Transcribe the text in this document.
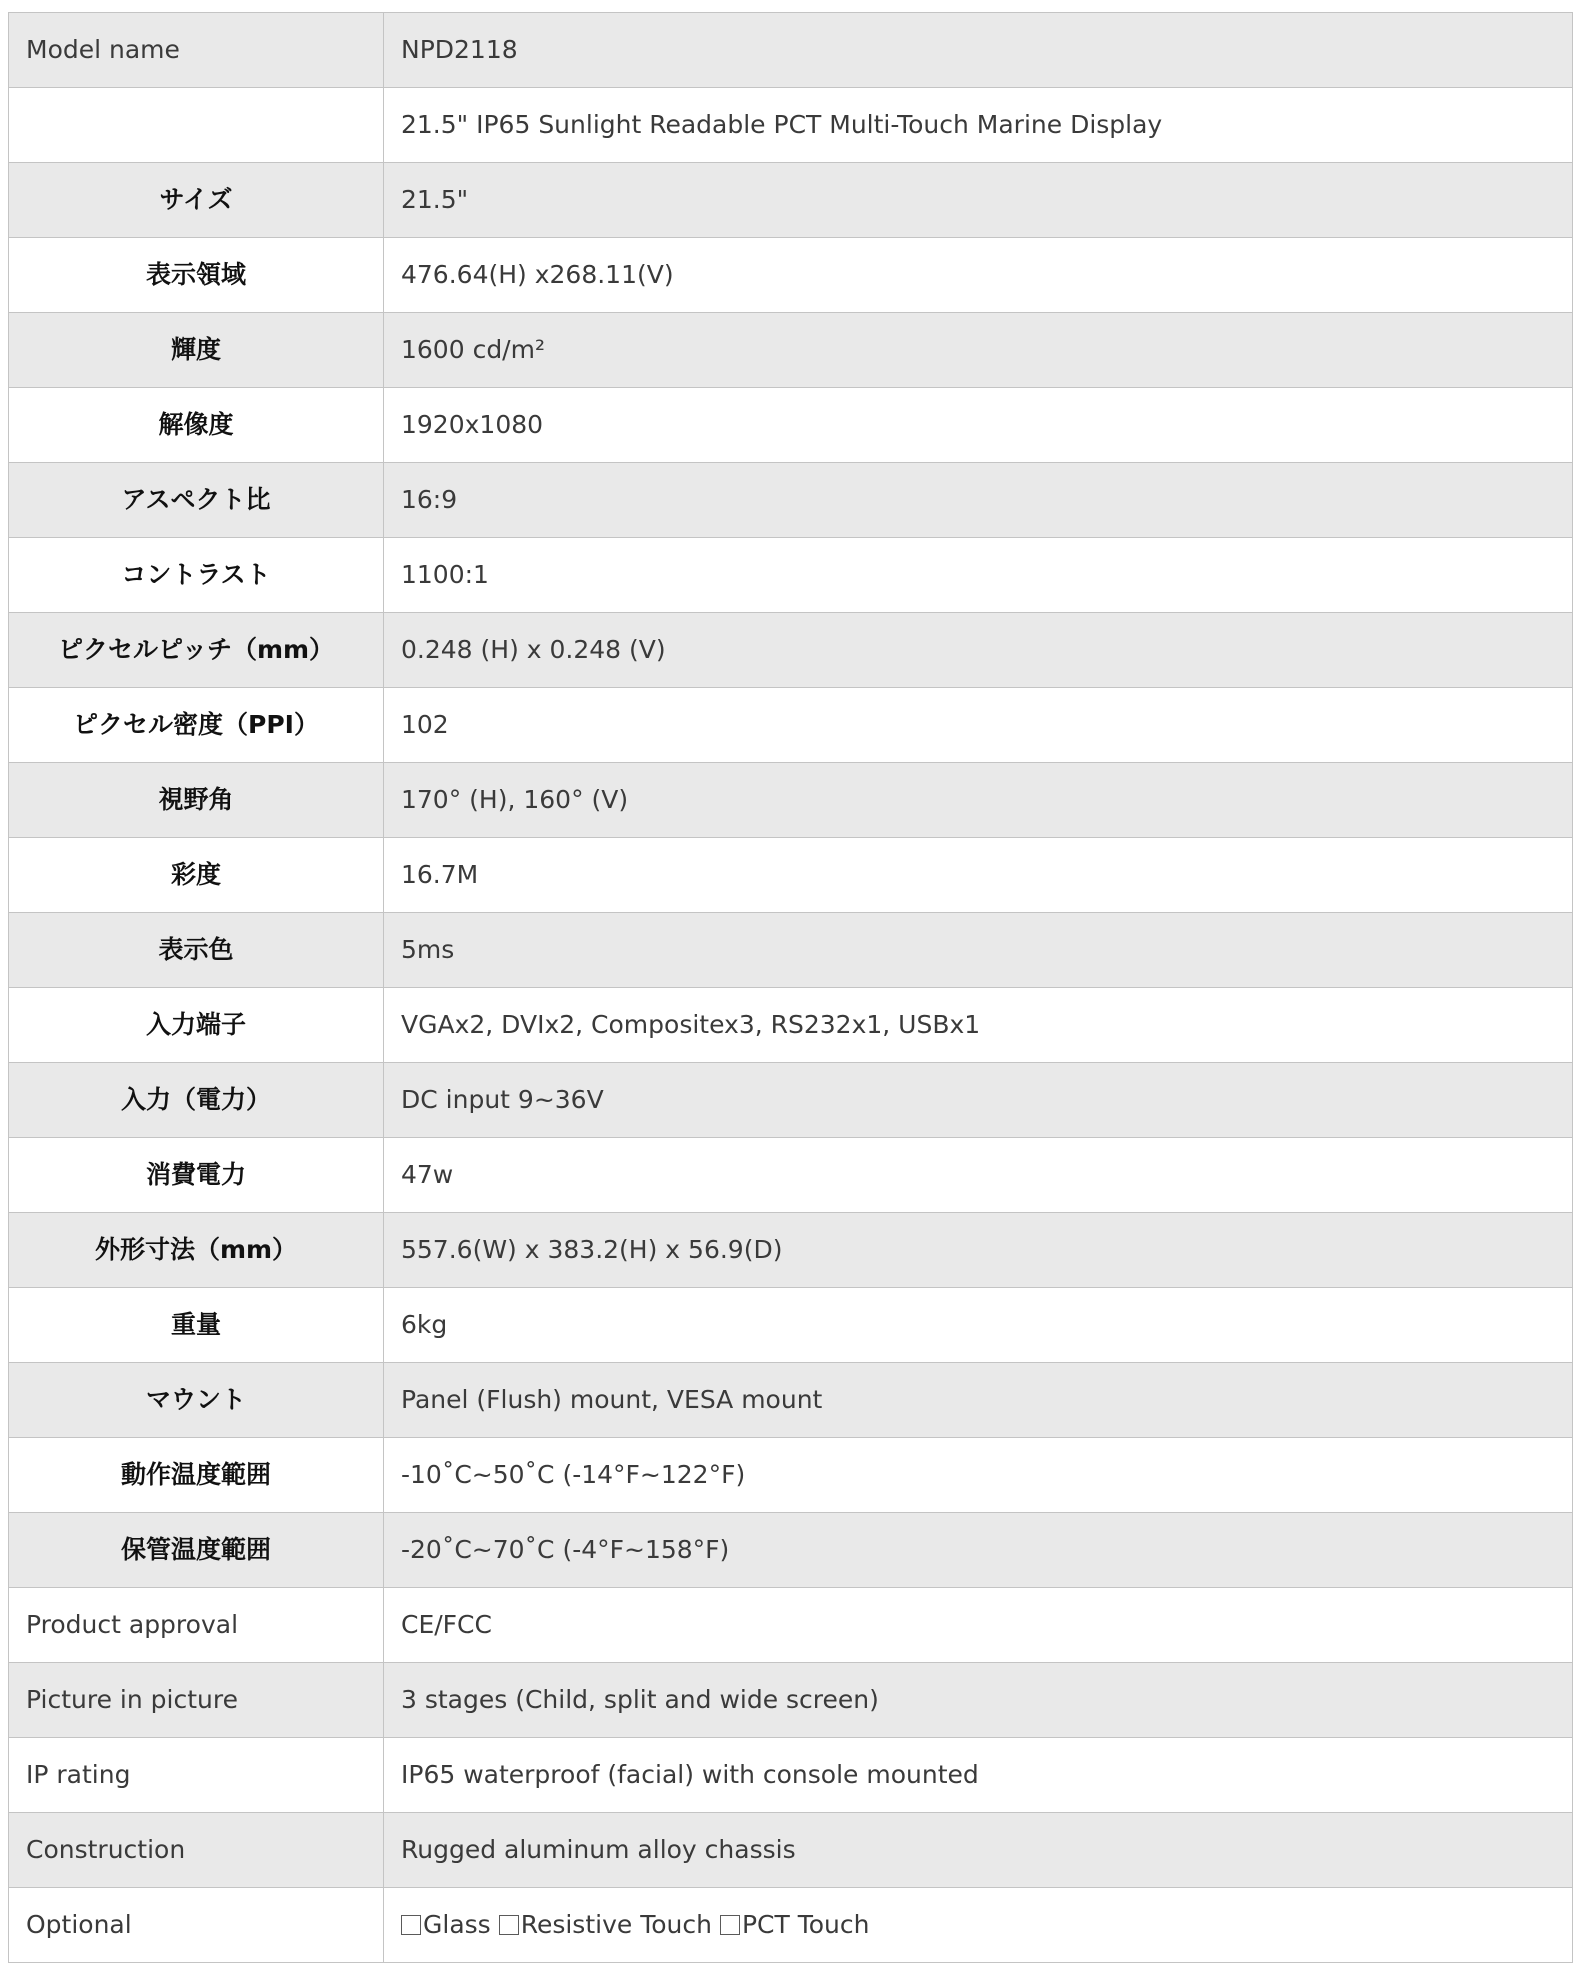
Model name	NPD2118
	21.5" IP65 Sunlight Readable PCT Multi-Touch Marine Display
サイズ	21.5"
表示領域	476.64(H) x268.11(V)
輝度	1600 cd/m²
解像度	1920x1080
アスペクト比	16:9
コントラスト	1100:1
ピクセルピッチ（mm）	0.248 (H) x 0.248 (V)
ピクセル密度（PPI）	102
視野角	170° (H), 160° (V)
彩度	16.7M
表示色	5ms
入力端子	VGAx2, DVIx2, Compositex3, RS232x1, USBx1
入力（電力）	DC input 9~36V
消費電力	47w
外形寸法（mm）	557.6(W) x 383.2(H) x 56.9(D)
重量	6kg
マウント	Panel (Flush) mount, VESA mount
動作温度範囲	-10˚C~50˚C (-14°F~122°F)
保管温度範囲	-20˚C~70˚C (-4°F~158°F)
Product approval	CE/FCC
Picture in picture	3 stages (Child, split and wide screen)
IP rating	IP65 waterproof (facial) with console mounted
Construction	Rugged aluminum alloy chassis
Optional	Glass Resistive Touch PCT Touch
